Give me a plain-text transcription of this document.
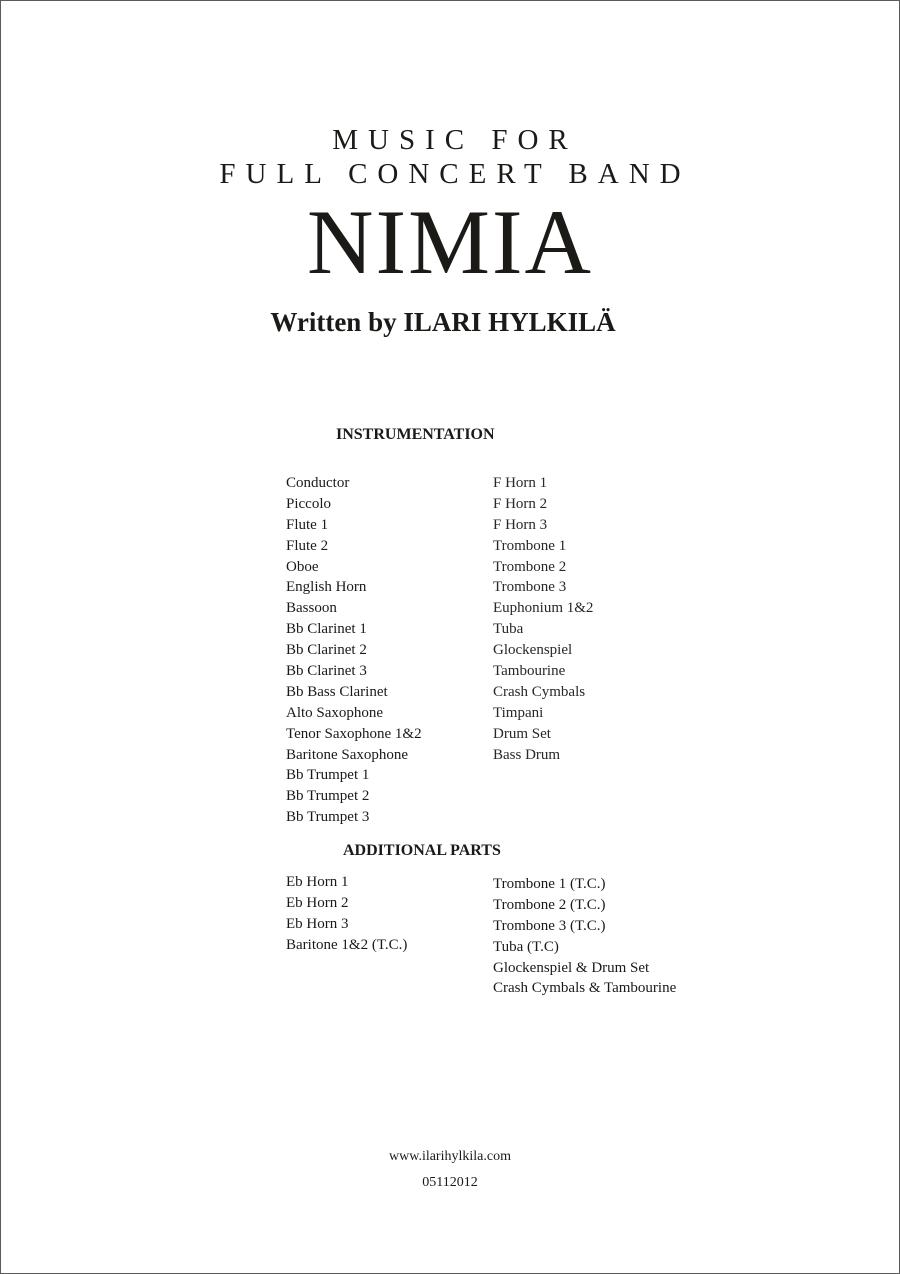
MUSIC FOR
FULL CONCERT BAND
NIMIA
Written by ILARI HYLKILÄ
INSTRUMENTATION
Conductor
Piccolo
Flute 1
Flute 2
Oboe
English Horn
Bassoon
Bb Clarinet 1
Bb Clarinet 2
Bb Clarinet 3
Bb Bass Clarinet
Alto Saxophone
Tenor Saxophone 1&2
Baritone Saxophone
Bb Trumpet 1
Bb Trumpet 2
Bb Trumpet 3
F Horn 1
F Horn 2
F Horn 3
Trombone 1
Trombone 2
Trombone 3
Euphonium 1&2
Tuba
Glockenspiel
Tambourine
Crash Cymbals
Timpani
Drum Set
Bass Drum
ADDITIONAL PARTS
Eb Horn 1
Eb Horn 2
Eb Horn 3
Baritone 1&2 (T.C.)
Trombone 1 (T.C.)
Trombone 2 (T.C.)
Trombone 3 (T.C.)
Tuba (T.C)
Glockenspiel & Drum Set
Crash Cymbals & Tambourine
www.ilarihylkila.com
05112012
